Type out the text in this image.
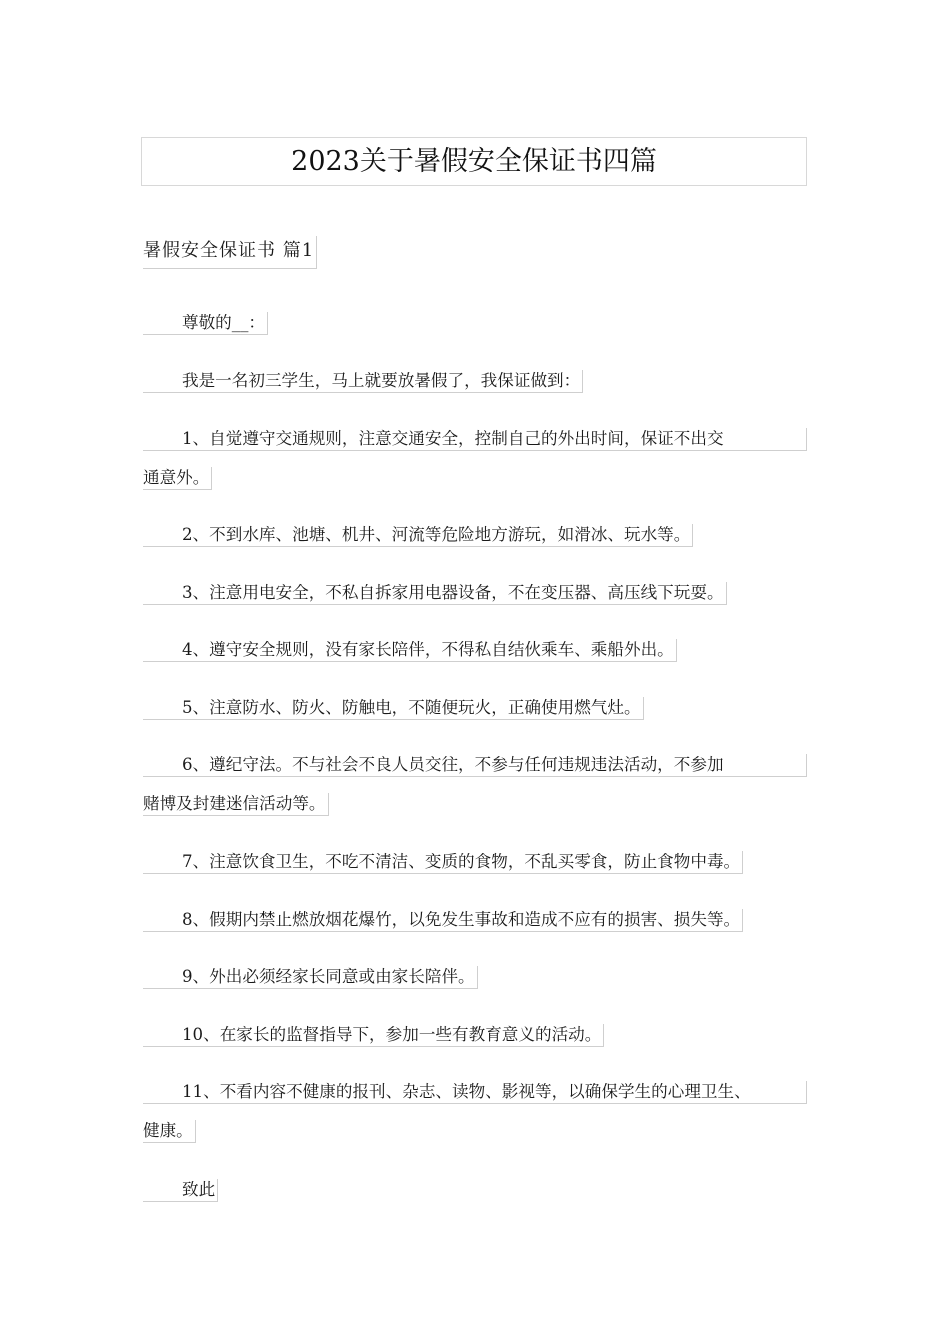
2023关于暑假安全保证书四篇
暑假安全保证书 篇1
尊敬的__：
我是一名初三学生，马上就要放暑假了，我保证做到：
1、自觉遵守交通规则，注意交通安全，控制自己的外出时间，保证不出交
通意外。
2、不到水库、池塘、机井、河流等危险地方游玩，如滑冰、玩水等。
3、注意用电安全，不私自拆家用电器设备，不在变压器、高压线下玩耍。
4、遵守安全规则，没有家长陪伴，不得私自结伙乘车、乘船外出。
5、注意防水、防火、防触电，不随便玩火，正确使用燃气灶。
6、遵纪守法。不与社会不良人员交往，不参与任何违规违法活动，不参加
赌博及封建迷信活动等。
7、注意饮食卫生，不吃不清洁、变质的食物，不乱买零食，防止食物中毒。
8、假期内禁止燃放烟花爆竹，以免发生事故和造成不应有的损害、损失等。
9、外出必须经家长同意或由家长陪伴。
10、在家长的监督指导下，参加一些有教育意义的活动。
11、不看内容不健康的报刊、杂志、读物、影视等，以确保学生的心理卫生、
健康。
致此
